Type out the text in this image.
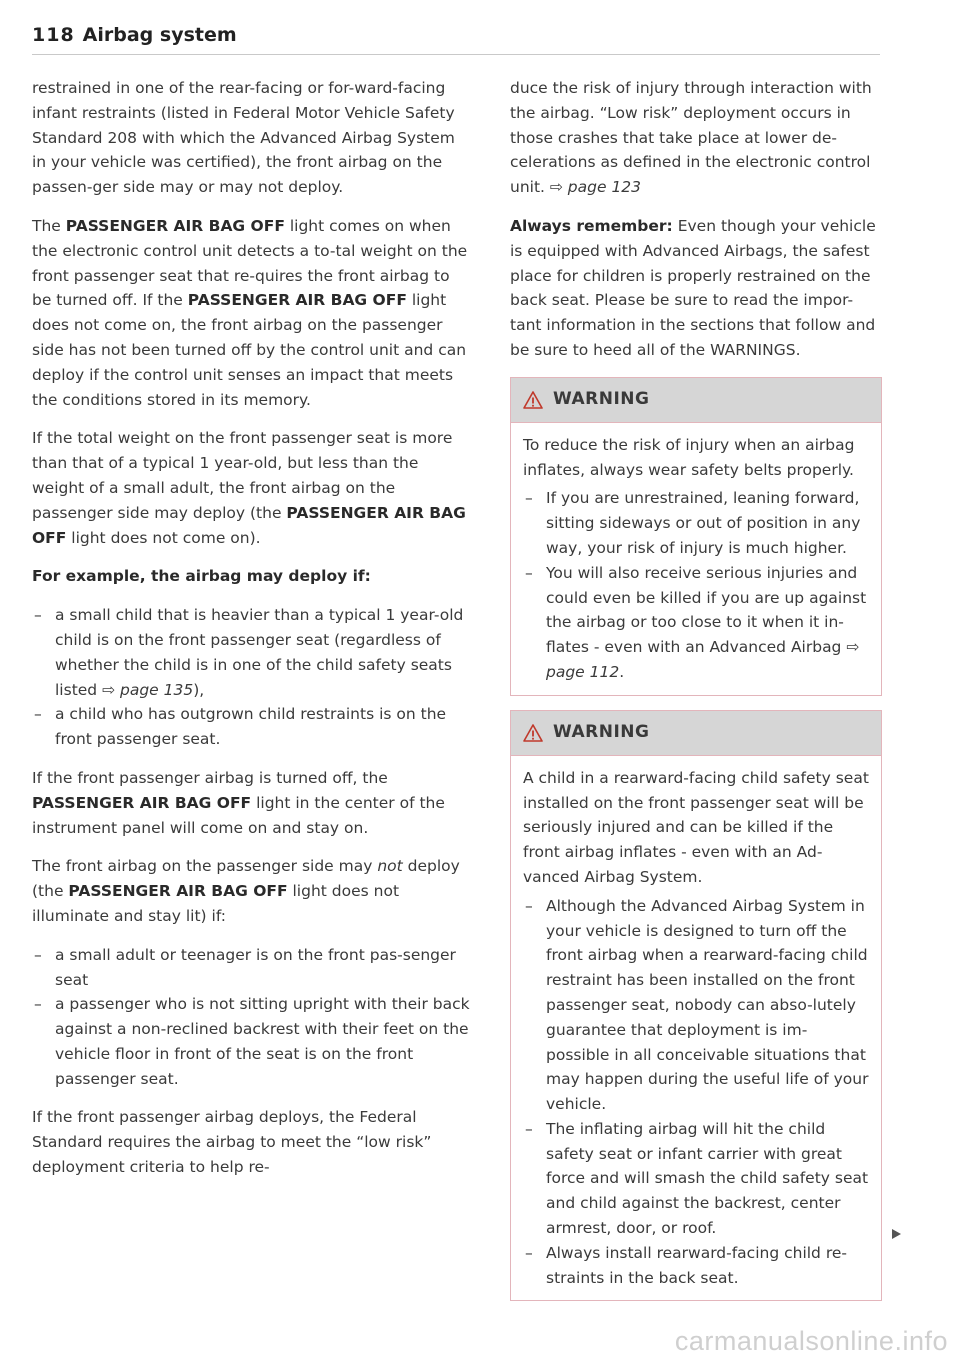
118 Airbag system

restrained in one of the rear-facing or for-ward-facing infant restraints (listed in Federal Motor Vehicle Safety Standard 208 with which the Advanced Airbag System in your vehicle was certified), the front airbag on the passen-ger side may or may not deploy.

The PASSENGER AIR BAG OFF light comes on when the electronic control unit detects a to-tal weight on the front passenger seat that re-quires the front airbag to be turned off. If the PASSENGER AIR BAG OFF light does not come on, the front airbag on the passenger side has not been turned off by the control unit and can deploy if the control unit senses an impact that meets the conditions stored in its memory.

If the total weight on the front passenger seat is more than that of a typical 1 year-old, but less than the weight of a small adult, the front airbag on the passenger side may deploy (the PASSENGER AIR BAG OFF light does not come on).

For example, the airbag may deploy if:
– a small child that is heavier than a typical 1 year-old child is on the front passenger seat (regardless of whether the child is in one of the child safety seats listed ⇨ page 135),
– a child who has outgrown child restraints is on the front passenger seat.

If the front passenger airbag is turned off, the PASSENGER AIR BAG OFF light in the center of the instrument panel will come on and stay on.

The front airbag on the passenger side may not deploy (the PASSENGER AIR BAG OFF light does not illuminate and stay lit) if:

– a small adult or teenager is on the front pas-senger seat
– a passenger who is not sitting upright with their back against a non-reclined backrest with their feet on the vehicle floor in front of the seat is on the front passenger seat.

If the front passenger airbag deploys, the Federal Standard requires the airbag to meet the “low risk” deployment criteria to help re-

duce the risk of injury through interaction with the airbag. “Low risk” deployment occurs in those crashes that take place at lower de-celerations as defined in the electronic control unit. ⇨ page 123

Always remember: Even though your vehicle is equipped with Advanced Airbags, the safest place for children is properly restrained on the back seat. Please be sure to read the impor-tant information in the sections that follow and be sure to heed all of the WARNINGS.

WARNING

To reduce the risk of injury when an airbag inflates, always wear safety belts properly.

– If you are unrestrained, leaning forward, sitting sideways or out of position in any way, your risk of injury is much higher.
– You will also receive serious injuries and could even be killed if you are up against the airbag or too close to it when it in-flates - even with an Advanced Airbag ⇨ page 112.
WARNING

A child in a rearward-facing child safety seat installed on the front passenger seat will be seriously injured and can be killed if the front airbag inflates - even with an Ad-vanced Airbag System.

– Although the Advanced Airbag System in your vehicle is designed to turn off the front airbag when a rearward-facing child restraint has been installed on the front passenger seat, nobody can abso-lutely guarantee that deployment is im-possible in all conceivable situations that may happen during the useful life of your vehicle.
– The inflating airbag will hit the child safety seat or infant carrier with great force and will smash the child safety seat and child against the backrest, center armrest, door, or roof.
– Always install rearward-facing child re-straints in the back seat.
carmanualsonline.info
